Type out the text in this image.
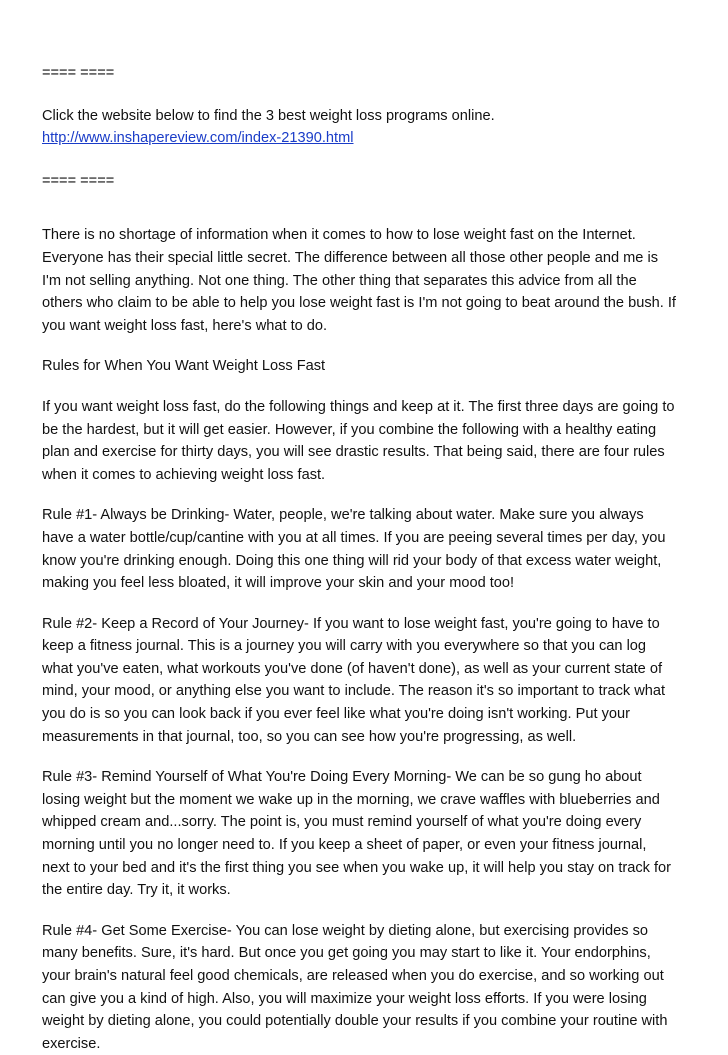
==== ====

Click the website below to find the 3 best weight loss programs online.

http://www.inshapereview.com/index-21390.html

==== ====

There is no shortage of information when it comes to how to lose weight fast on the Internet.

Everyone has their special little secret. The difference between all those other people and me is

I'm not selling anything. Not one thing. The other thing that separates this advice from all the

others who claim to be able to help you lose weight fast is I'm not going to beat around the bush. If

you want weight loss fast, here's what to do.

Rules for When You Want Weight Loss Fast

If you want weight loss fast, do the following things and keep at it. The first three days are going to

be the hardest, but it will get easier. However, if you combine the following with a healthy eating

plan and exercise for thirty days, you will see drastic results. That being said, there are four rules

when it comes to achieving weight loss fast.

Rule #1- Always be Drinking- Water, people, we're talking about water. Make sure you always

have a water bottle/cup/cantine with you at all times. If you are peeing several times per day, you

know you're drinking enough. Doing this one thing will rid your body of that excess water weight,

making you feel less bloated, it will improve your skin and your mood too!

Rule #2- Keep a Record of Your Journey- If you want to lose weight fast, you're going to have to

keep a fitness journal. This is a journey you will carry with you everywhere so that you can log

what you've eaten, what workouts you've done (of haven't done), as well as your current state of

mind, your mood, or anything else you want to include. The reason it's so important to track what

you do is so you can look back if you ever feel like what you're doing isn't working. Put your

measurements in that journal, too, so you can see how you're progressing, as well.

Rule #3- Remind Yourself of What You're Doing Every Morning- We can be so gung ho about

losing weight but the moment we wake up in the morning, we crave waffles with blueberries and

whipped cream and...sorry. The point is, you must remind yourself of what you're doing every

morning until you no longer need to. If you keep a sheet of paper, or even your fitness journal,

next to your bed and it's the first thing you see when you wake up, it will help you stay on track for

the entire day. Try it, it works.

Rule #4- Get Some Exercise- You can lose weight by dieting alone, but exercising provides so

many benefits. Sure, it's hard. But once you get going you may start to like it. Your endorphins,

your brain's natural feel good chemicals, are released when you do exercise, and so working out

can give you a kind of high. Also, you will maximize your weight loss efforts. If you were losing

weight by dieting alone, you could potentially double your results if you combine your routine with

exercise.
